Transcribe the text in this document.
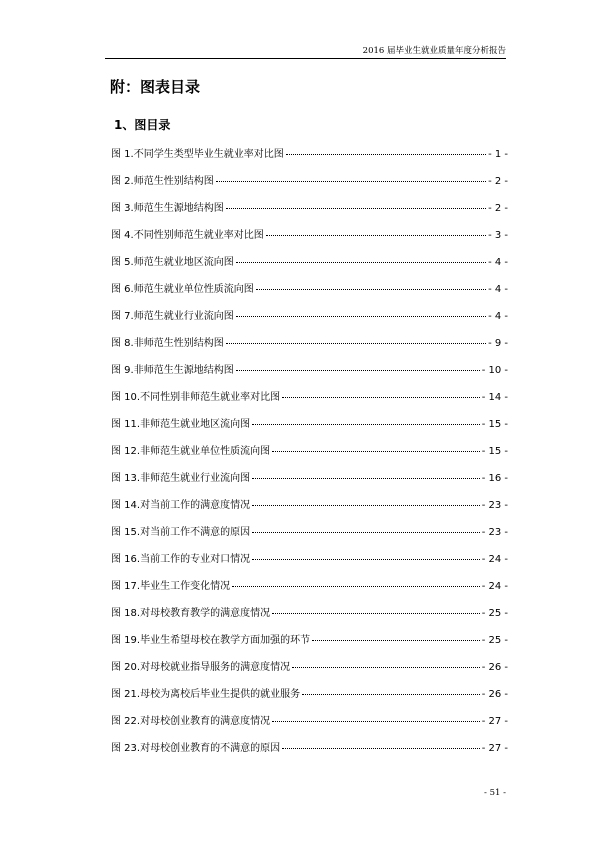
2016 届毕业生就业质量年度分析报告
附：图表目录
1、图目录
图 1.不同学生类型毕业生就业率对比图	- 1 -
图 2.师范生性别结构图	- 2 -
图 3.师范生生源地结构图	- 2 -
图 4.不同性别师范生就业率对比图	- 3 -
图 5.师范生就业地区流向图	- 4 -
图 6.师范生就业单位性质流向图	- 4 -
图 7.师范生就业行业流向图	- 4 -
图 8.非师范生性别结构图	- 9 -
图 9.非师范生生源地结构图	- 10 -
图 10.不同性别非师范生就业率对比图	- 14 -
图 11.非师范生就业地区流向图	- 15 -
图 12.非师范生就业单位性质流向图	- 15 -
图 13.非师范生就业行业流向图	- 16 -
图 14.对当前工作的满意度情况	- 23 -
图 15.对当前工作不满意的原因	- 23 -
图 16.当前工作的专业对口情况	- 24 -
图 17.毕业生工作变化情况	- 24 -
图 18.对母校教育教学的满意度情况	- 25 -
图 19.毕业生希望母校在教学方面加强的环节	- 25 -
图 20.对母校就业指导服务的满意度情况	- 26 -
图 21.母校为离校后毕业生提供的就业服务	- 26 -
图 22.对母校创业教育的满意度情况	- 27 -
图 23.对母校创业教育的不满意的原因	- 27 -
- 51 -
